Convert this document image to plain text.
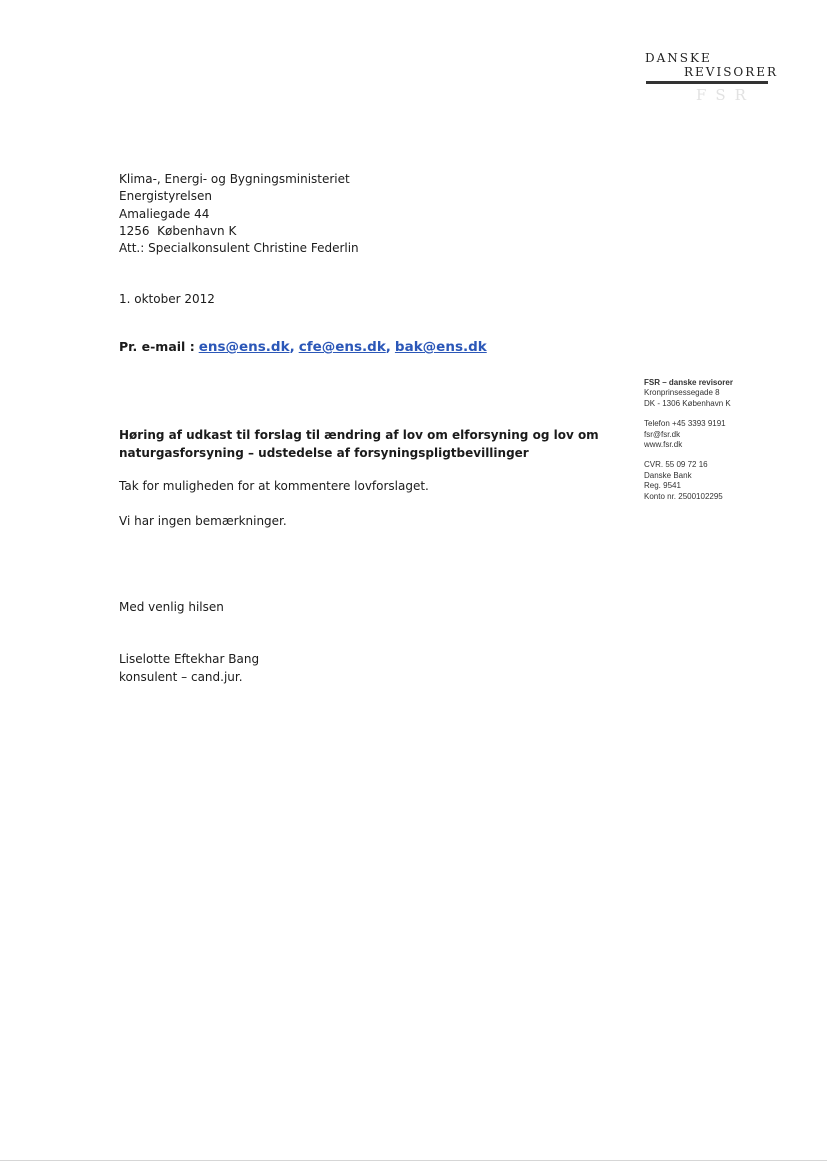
DANSKE
REVISORER
FSR
Klima-, Energi- og Bygningsministeriet
Energistyrelsen
Amaliegade 44
1256  København K
Att.: Specialkonsulent Christine Federlin
1. oktober 2012
Pr. e-mail : ens@ens.dk, cfe@ens.dk, bak@ens.dk
FSR – danske revisorer
Kronprinsessegade 8
DK - 1306 København K
Telefon +45 3393 9191
fsr@fsr.dk
www.fsr.dk
CVR. 55 09 72 16
Danske Bank
Reg. 9541
Konto nr. 2500102295
Høring af udkast til forslag til ændring af lov om elforsyning og lov om
naturgasforsyning – udstedelse af forsyningspligtbevillinger
Tak for muligheden for at kommentere lovforslaget.
Vi har ingen bemærkninger.
Med venlig hilsen
Liselotte Eftekhar Bang
konsulent – cand.jur.
